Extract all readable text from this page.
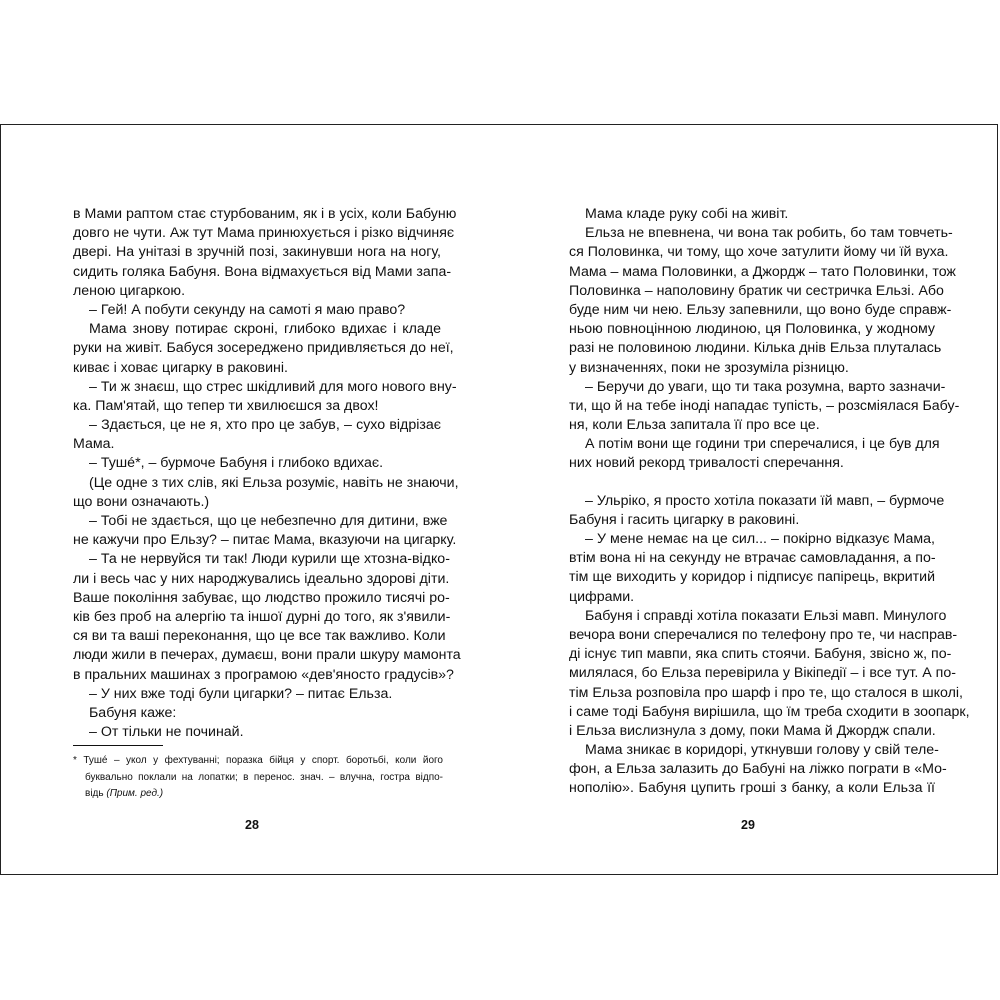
в Мами раптом стає стурбованим, як і в усіх, коли Бабуню
довго не чути. Аж тут Мама принюхується і різко відчиняє
двері. На унітазі в зручній позі, закинувши нога на ногу,
сидить голяка Бабуня. Вона відмахується від Мами запа-
леною цигаркою.
– Гей! А побути секунду на самоті я маю право?
Мама знову потирає скроні, глибоко вдихає і кладе
руки на живіт. Бабуся зосереджено придивляється до неї,
киває і ховає цигарку в раковині.
– Ти ж знаєш, що стрес шкідливий для мого нового вну-
ка. Пам'ятай, що тепер ти хвилюєшся за двох!
– Здається, це не я, хто про це забув, – сухо відрізає
Мама.
– Тушé*, – бурмоче Бабуня і глибоко вдихає.
(Це одне з тих слів, які Ельза розуміє, навіть не знаючи,
що вони означають.)
– Тобі не здається, що це небезпечно для дитини, вже
не кажучи про Ельзу? – питає Мама, вказуючи на цигарку.
– Та не нервуйся ти так! Люди курили ще хтозна-відко-
ли і весь час у них народжувались ідеально здорові діти.
Ваше покоління забуває, що людство прожило тисячі ро-
ків без проб на алергію та іншої дурні до того, як з'явили-
ся ви та ваші переконання, що це все так важливо. Коли
люди жили в печерах, думаєш, вони прали шкуру мамонта
в пральних машинах з програмою «дев'яносто градусів»?
– У них вже тоді були цигарки? – питає Ельза.
Бабуня каже:
– От тільки не починай.
* Тушé – укол у фехтуванні; поразка бійця у спорт. боротьбі, коли його
буквально поклали на лопатки; в перенос. знач. – влучна, гостра відпо-
відь (Прим. ред.)
28
Мама кладе руку собі на живіт.
Ельза не впевнена, чи вона так робить, бо там товчеть-
ся Половинка, чи тому, що хоче затулити йому чи їй вуха.
Мама – мама Половинки, а Джордж – тато Половинки, тож
Половинка – наполовину братик чи сестричка Ельзі. Або
буде ним чи нею. Ельзу запевнили, що воно буде справж-
ньою повноцінною людиною, ця Половинка, у жодному
разі не половиною людини. Кілька днів Ельза плуталась
у визначеннях, поки не зрозуміла різницю.
– Беручи до уваги, що ти така розумна, варто зазначи-
ти, що й на тебе іноді нападає тупість, – розсміялася Бабу-
ня, коли Ельза запитала її про все це.
А потім вони ще години три сперечалися, і це був для
них новий рекорд тривалості сперечання.
– Ульріко, я просто хотіла показати їй мавп, – бурмоче
Бабуня і гасить цигарку в раковині.
– У мене немає на це сил... – покірно відказує Мама,
втім вона ні на секунду не втрачає самовладання, а по-
тім ще виходить у коридор і підписує папірець, вкритий
цифрами.
Бабуня і справді хотіла показати Ельзі мавп. Минулого
вечора вони сперечалися по телефону про те, чи насправ-
ді існує тип мавпи, яка спить стоячи. Бабуня, звісно ж, по-
милялася, бо Ельза перевірила у Вікіпедії – і все тут. А по-
тім Ельза розповіла про шарф і про те, що сталося в школі,
і саме тоді Бабуня вирішила, що їм треба сходити в зоопарк,
і Ельза вислизнула з дому, поки Мама й Джордж спали.
Мама зникає в коридорі, уткнувши голову у свій теле-
фон, а Ельза залазить до Бабуні на ліжко пограти в «Мо-
нополію». Бабуня цупить гроші з банку, а коли Ельза її
29
